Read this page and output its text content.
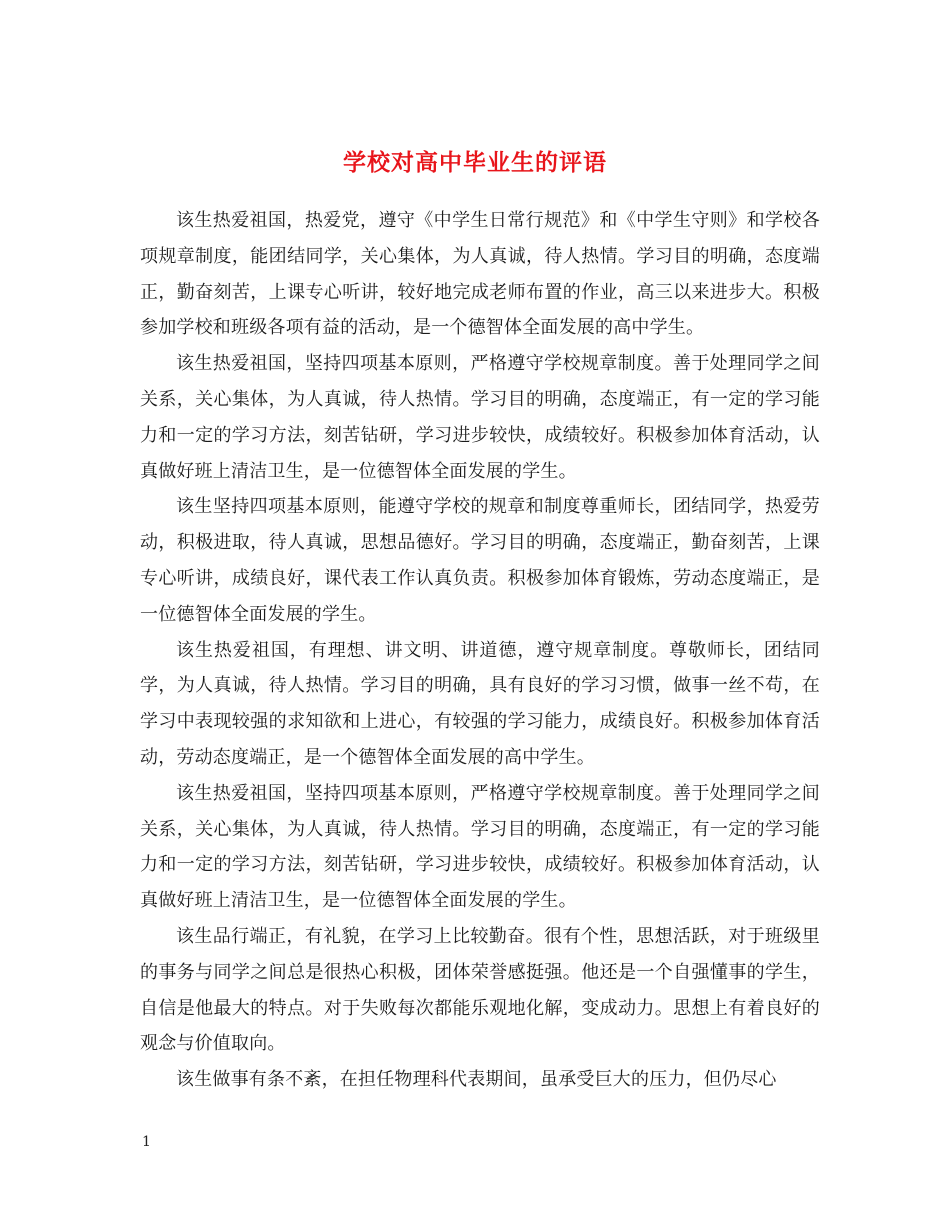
学校对高中毕业生的评语

该生热爱祖国，热爱党，遵守《中学生日常行规范》和《中学生守则》和学校各项规章制度，能团结同学，关心集体，为人真诚，待人热情。学习目的明确，态度端正，勤奋刻苦，上课专心听讲，较好地完成老师布置的作业，高三以来进步大。积极参加学校和班级各项有益的活动，是一个德智体全面发展的高中学生。

该生热爱祖国，坚持四项基本原则，严格遵守学校规章制度。善于处理同学之间关系，关心集体，为人真诚，待人热情。学习目的明确，态度端正，有一定的学习能力和一定的学习方法，刻苦钻研，学习进步较快，成绩较好。积极参加体育活动，认真做好班上清洁卫生，是一位德智体全面发展的学生。

该生坚持四项基本原则，能遵守学校的规章和制度尊重师长，团结同学，热爱劳动，积极进取，待人真诚，思想品德好。学习目的明确，态度端正，勤奋刻苦，上课专心听讲，成绩良好，课代表工作认真负责。积极参加体育锻炼，劳动态度端正，是一位德智体全面发展的学生。

该生热爱祖国，有理想、讲文明、讲道德，遵守规章制度。尊敬师长，团结同学，为人真诚，待人热情。学习目的明确，具有良好的学习习惯，做事一丝不苟，在学习中表现较强的求知欲和上进心，有较强的学习能力，成绩良好。积极参加体育活动，劳动态度端正，是一个德智体全面发展的高中学生。

该生热爱祖国，坚持四项基本原则，严格遵守学校规章制度。善于处理同学之间关系，关心集体，为人真诚，待人热情。学习目的明确，态度端正，有一定的学习能力和一定的学习方法，刻苦钻研，学习进步较快，成绩较好。积极参加体育活动，认真做好班上清洁卫生，是一位德智体全面发展的学生。

该生品行端正，有礼貌，在学习上比较勤奋。很有个性，思想活跃，对于班级里的事务与同学之间总是很热心积极，团体荣誉感挺强。他还是一个自强懂事的学生，自信是他最大的特点。对于失败每次都能乐观地化解，变成动力。思想上有着良好的观念与价值取向。

该生做事有条不紊，在担任物理科代表期间，虽承受巨大的压力，但仍尽心

1
